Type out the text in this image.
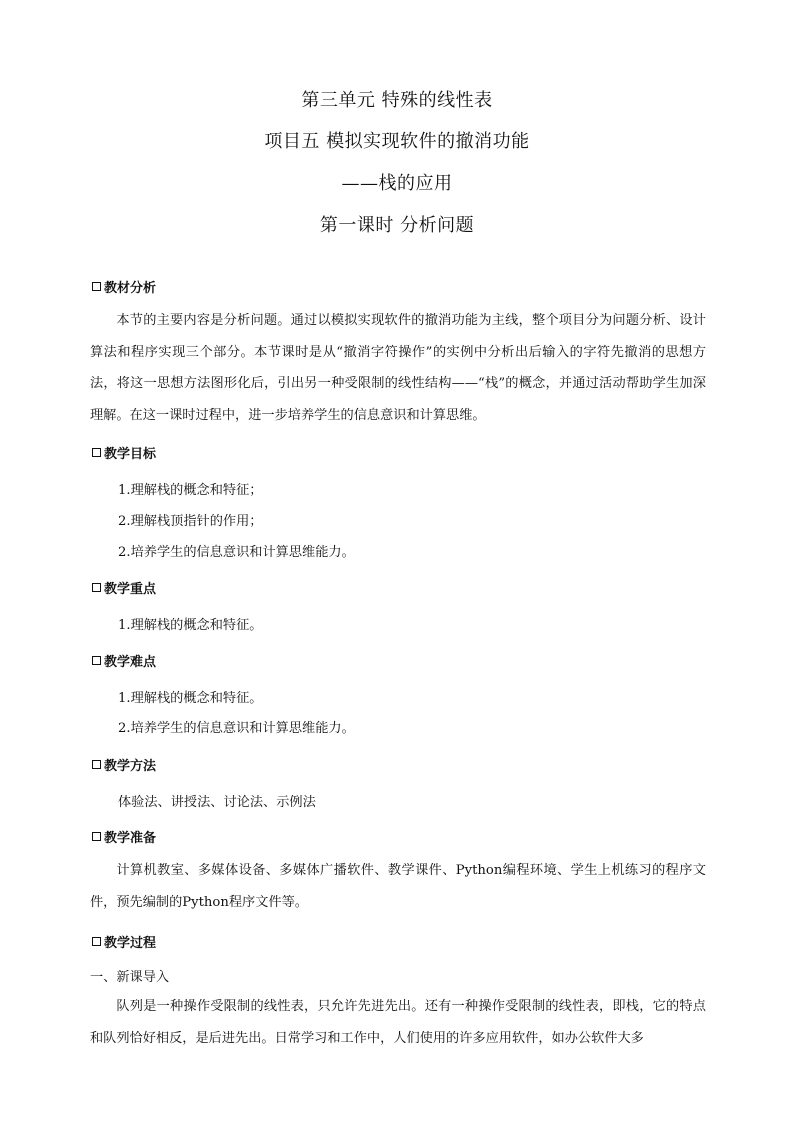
第三单元 特殊的线性表
项目五 模拟实现软件的撤消功能
——栈的应用
第一课时 分析问题
教材分析
本节的主要内容是分析问题。通过以模拟实现软件的撤消功能为主线，整个项目分为问题分析、设计算法和程序实现三个部分。本节课时是从“撤消字符操作”的实例中分析出后输入的字符先撤消的思想方法，将这一思想方法图形化后，引出另一种受限制的线性结构——“栈”的概念，并通过活动帮助学生加深理解。在这一课时过程中，进一步培养学生的信息意识和计算思维。
教学目标
1.理解栈的概念和特征；
2.理解栈顶指针的作用；
2.培养学生的信息意识和计算思维能力。
教学重点
1.理解栈的概念和特征。
教学难点
1.理解栈的概念和特征。
2.培养学生的信息意识和计算思维能力。
教学方法
体验法、讲授法、讨论法、示例法
教学准备
计算机教室、多媒体设备、多媒体广播软件、教学课件、Python编程环境、学生上机练习的程序文件，预先编制的Python程序文件等。
教学过程
一、新课导入
队列是一种操作受限制的线性表，只允许先进先出。还有一种操作受限制的线性表，即栈，它的特点和队列恰好相反，是后进先出。日常学习和工作中，人们使用的许多应用软件，如办公软件大多
